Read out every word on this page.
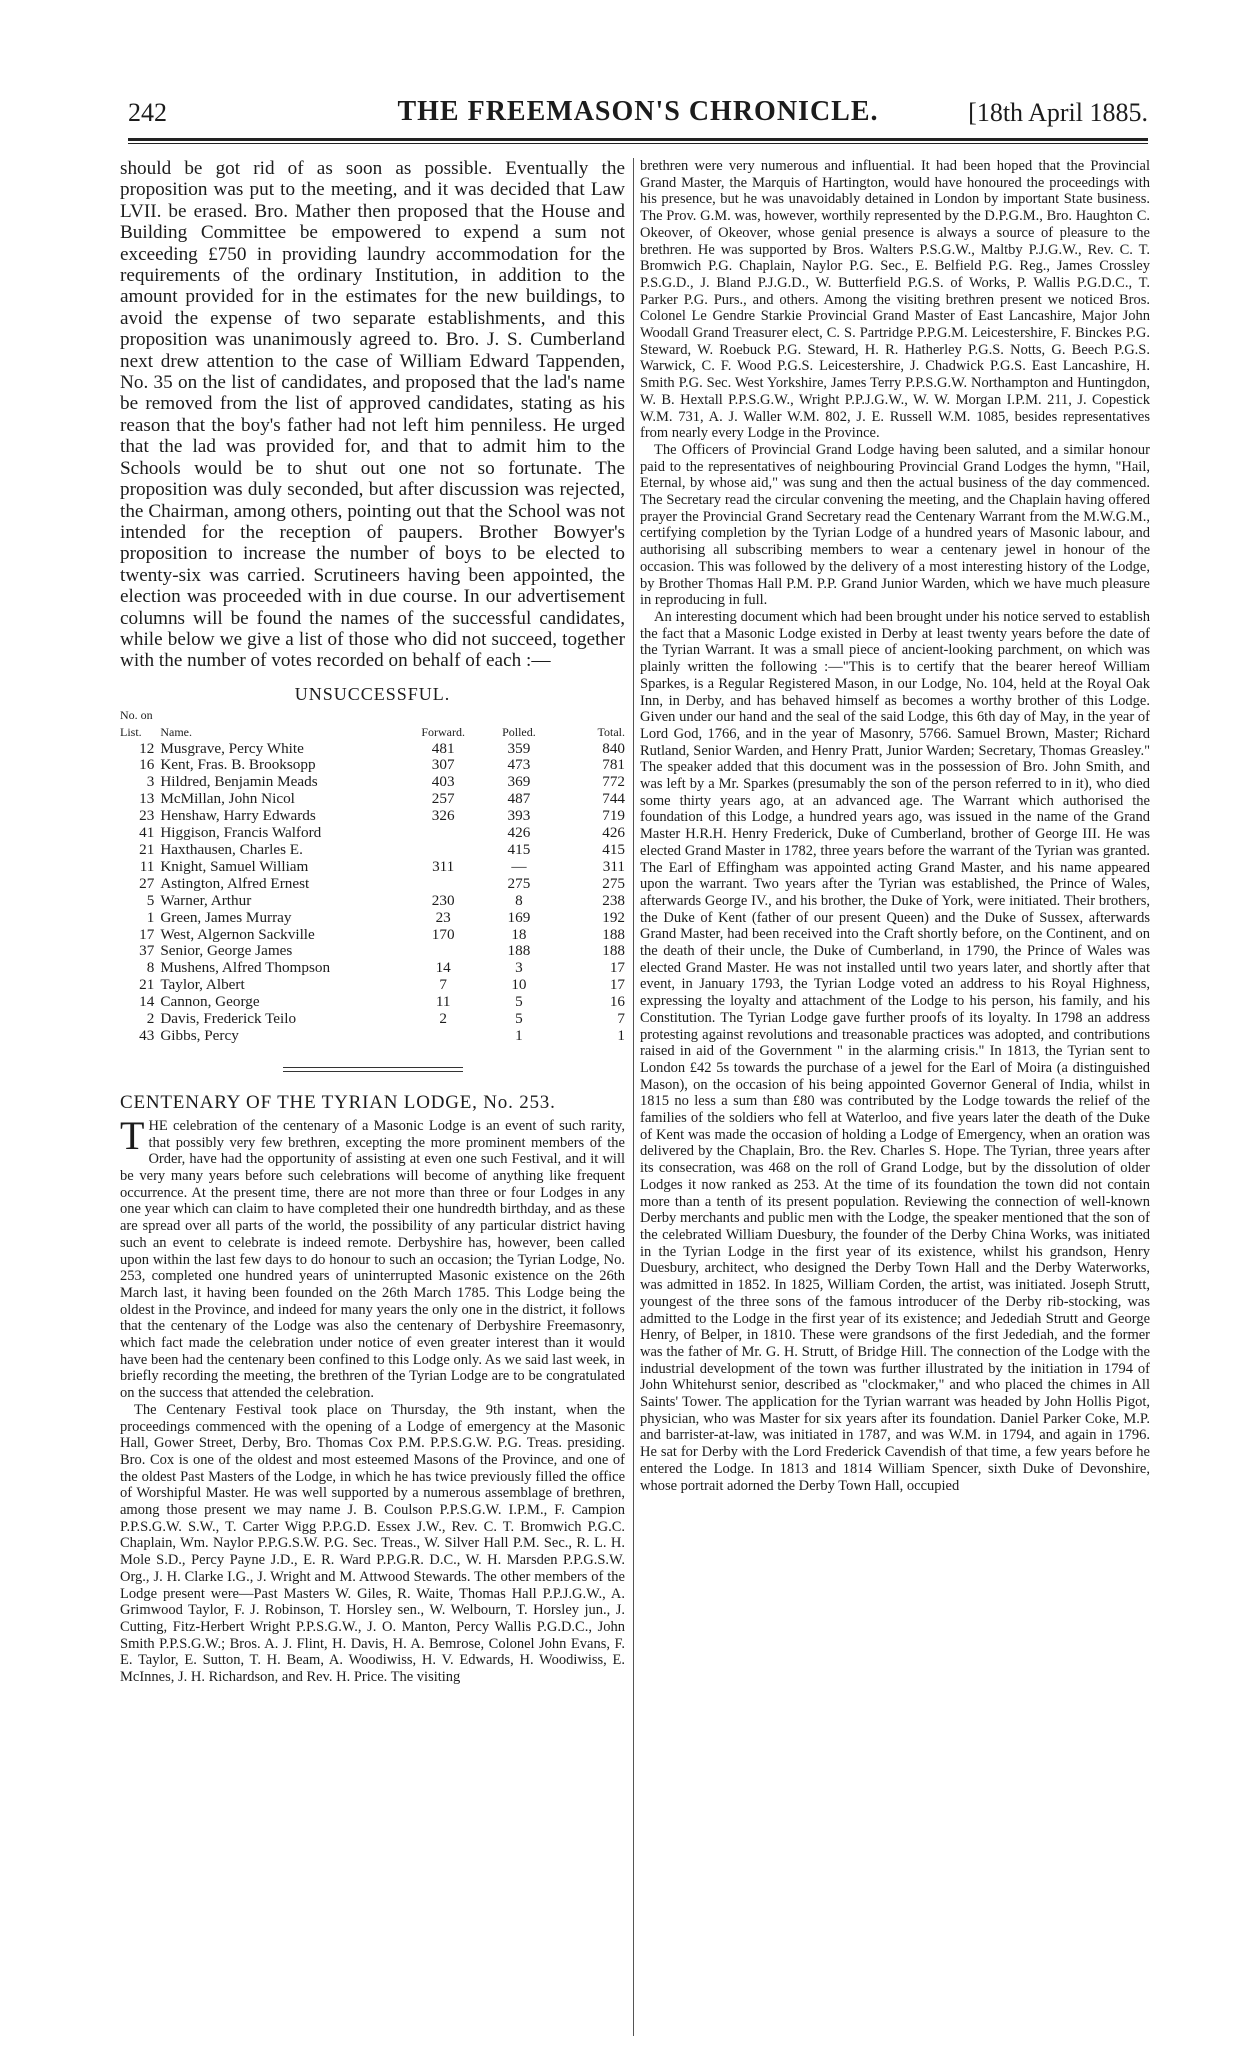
242	THE FREEMASON'S CHRONICLE.	[18th April 1885.

should be got rid of as soon as possible. Eventually the proposition was put to the meeting, and it was decided that Law LVII. be erased. Bro. Mather then proposed that the House and Building Committee be empowered to expend a sum not exceeding £750 in providing laundry accommodation for the requirements of the ordinary Institution, in addition to the amount provided for in the estimates for the new buildings, to avoid the expense of two separate establishments, and this proposition was unanimously agreed to. Bro. J. S. Cumberland next drew attention to the case of William Edward Tappenden, No. 35 on the list of candidates, and proposed that the lad's name be removed from the list of approved candidates, stating as his reason that the boy's father had not left him penniless. He urged that the lad was provided for, and that to admit him to the Schools would be to shut out one not so fortunate. The proposition was duly seconded, but after discussion was rejected, the Chairman, among others, pointing out that the School was not intended for the reception of paupers. Brother Bowyer's proposition to increase the number of boys to be elected to twenty-six was carried. Scrutineers having been appointed, the election was proceeded with in due course. In our advertisement columns will be found the names of the successful candidates, while below we give a list of those who did not succeed, together with the number of votes recorded on behalf of each :—

UNSUCCESSFUL.
No. on List.	Name.	Forward.	Polled.	Total.
12	Musgrave, Percy White	481	359	840
16	Kent, Fras. B. Brooksopp	307	473	781
3	Hildred, Benjamin Meads	403	369	772
13	McMillan, John Nicol	257	487	744
23	Henshaw, Harry Edwards	326	393	719
41	Higgison, Francis Walford		426	426
21	Haxthausen, Charles E.		415	415
11	Knight, Samuel William	311	—	311
27	Astington, Alfred Ernest		275	275
5	Warner, Arthur	230	8	238
1	Green, James Murray	23	169	192
17	West, Algernon Sackville	170	18	188
37	Senior, George James		188	188
8	Mushens, Alfred Thompson	14	3	17
21	Taylor, Albert	7	10	17
14	Cannon, George	11	5	16
2	Davis, Frederick Teilo	2	5	7
43	Gibbs, Percy		1	1
CENTENARY OF THE TYRIAN LODGE, No. 253.

THE celebration of the centenary of a Masonic Lodge is an event of such rarity, that possibly very few brethren, excepting the more prominent members of the Order, have had the opportunity of assisting at even one such Festival, and it will be very many years before such celebrations will become of anything like frequent occurrence. At the present time, there are not more than three or four Lodges in any one year which can claim to have completed their one hundredth birthday, and as these are spread over all parts of the world, the possibility of any particular district having such an event to celebrate is indeed remote. Derbyshire has, however, been called upon within the last few days to do honour to such an occasion; the Tyrian Lodge, No. 253, completed one hundred years of uninterrupted Masonic existence on the 26th March last, it having been founded on the 26th March 1785. This Lodge being the oldest in the Province, and indeed for many years the only one in the district, it follows that the centenary of the Lodge was also the centenary of Derbyshire Freemasonry, which fact made the celebration under notice of even greater interest than it would have been had the centenary been confined to this Lodge only. As we said last week, in briefly recording the meeting, the brethren of the Tyrian Lodge are to be congratulated on the success that attended the celebration.

The Centenary Festival took place on Thursday, the 9th instant, when the proceedings commenced with the opening of a Lodge of emergency at the Masonic Hall, Gower Street, Derby, Bro. Thomas Cox P.M. P.P.S.G.W. P.G. Treas. presiding. Bro. Cox is one of the oldest and most esteemed Masons of the Province, and one of the oldest Past Masters of the Lodge, in which he has twice previously filled the office of Worshipful Master. He was well supported by a numerous assemblage of brethren, among those present we may name J. B. Coulson P.P.S.G.W. I.P.M., F. Campion P.P.S.G.W. S.W., T. Carter Wigg P.P.G.D. Essex J.W., Rev. C. T. Bromwich P.G.C. Chaplain, Wm. Naylor P.P.G.S.W. P.G. Sec. Treas., W. Silver Hall P.M. Sec., R. L. H. Mole S.D., Percy Payne J.D., E. R. Ward P.P.G.R. D.C., W. H. Marsden P.P.G.S.W. Org., J. H. Clarke I.G., J. Wright and M. Attwood Stewards. The other members of the Lodge present were—Past Masters W. Giles, R. Waite, Thomas Hall P.P.J.G.W., A. Grimwood Taylor, F. J. Robinson, T. Horsley sen., W. Welbourn, T. Horsley jun., J. Cutting, Fitz-Herbert Wright P.P.S.G.W., J. O. Manton, Percy Wallis P.G.D.C., John Smith P.P.S.G.W.; Bros. A. J. Flint, H. Davis, H. A. Bemrose, Colonel John Evans, F. E. Taylor, E. Sutton, T. H. Beam, A. Woodiwiss, H. V. Edwards, H. Woodiwiss, E. McInnes, J. H. Richardson, and Rev. H. Price. The visiting

brethren were very numerous and influential. It had been hoped that the Provincial Grand Master, the Marquis of Hartington, would have honoured the proceedings with his presence, but he was unavoidably detained in London by important State business. The Prov. G.M. was, however, worthily represented by the D.P.G.M., Bro. Haughton C. Okeover, of Okeover, whose genial presence is always a source of pleasure to the brethren. He was supported by Bros. Walters P.S.G.W., Maltby P.J.G.W., Rev. C. T. Bromwich P.G. Chaplain, Naylor P.G. Sec., E. Belfield P.G. Reg., James Crossley P.S.G.D., J. Bland P.J.G.D., W. Butterfield P.G.S. of Works, P. Wallis P.G.D.C., T. Parker P.G. Purs., and others. Among the visiting brethren present we noticed Bros. Colonel Le Gendre Starkie Provincial Grand Master of East Lancashire, Major John Woodall Grand Treasurer elect, C. S. Partridge P.P.G.M. Leicestershire, F. Binckes P.G. Steward, W. Roebuck P.G. Steward, H. R. Hatherley P.G.S. Notts, G. Beech P.G.S. Warwick, C. F. Wood P.G.S. Leicestershire, J. Chadwick P.G.S. East Lancashire, H. Smith P.G. Sec. West Yorkshire, James Terry P.P.S.G.W. Northampton and Huntingdon, W. B. Hextall P.P.S.G.W., Wright P.P.J.G.W., W. W. Morgan I.P.M. 211, J. Copestick W.M. 731, A. J. Waller W.M. 802, J. E. Russell W.M. 1085, besides representatives from nearly every Lodge in the Province.

The Officers of Provincial Grand Lodge having been saluted, and a similar honour paid to the representatives of neighbouring Provincial Grand Lodges the hymn, "Hail, Eternal, by whose aid," was sung and then the actual business of the day commenced. The Secretary read the circular convening the meeting, and the Chaplain having offered prayer the Provincial Grand Secretary read the Centenary Warrant from the M.W.G.M., certifying completion by the Tyrian Lodge of a hundred years of Masonic labour, and authorising all subscribing members to wear a centenary jewel in honour of the occasion. This was followed by the delivery of a most interesting history of the Lodge, by Brother Thomas Hall P.M. P.P. Grand Junior Warden, which we have much pleasure in reproducing in full.

An interesting document which had been brought under his notice served to establish the fact that a Masonic Lodge existed in Derby at least twenty years before the date of the Tyrian Warrant. It was a small piece of ancient-looking parchment, on which was plainly written the following :—"This is to certify that the bearer hereof William Sparkes, is a Regular Registered Mason, in our Lodge, No. 104, held at the Royal Oak Inn, in Derby, and has behaved himself as becomes a worthy brother of this Lodge. Given under our hand and the seal of the said Lodge, this 6th day of May, in the year of Lord God, 1766, and in the year of Masonry, 5766. Samuel Brown, Master; Richard Rutland, Senior Warden, and Henry Pratt, Junior Warden; Secretary, Thomas Greasley." The speaker added that this document was in the possession of Bro. John Smith, and was left by a Mr. Sparkes (presumably the son of the person referred to in it), who died some thirty years ago, at an advanced age. The Warrant which authorised the foundation of this Lodge, a hundred years ago, was issued in the name of the Grand Master H.R.H. Henry Frederick, Duke of Cumberland, brother of George III. He was elected Grand Master in 1782, three years before the warrant of the Tyrian was granted. The Earl of Effingham was appointed acting Grand Master, and his name appeared upon the warrant. Two years after the Tyrian was established, the Prince of Wales, afterwards George IV., and his brother, the Duke of York, were initiated. Their brothers, the Duke of Kent (father of our present Queen) and the Duke of Sussex, afterwards Grand Master, had been received into the Craft shortly before, on the Continent, and on the death of their uncle, the Duke of Cumberland, in 1790, the Prince of Wales was elected Grand Master. He was not installed until two years later, and shortly after that event, in January 1793, the Tyrian Lodge voted an address to his Royal Highness, expressing the loyalty and attachment of the Lodge to his person, his family, and his Constitution. The Tyrian Lodge gave further proofs of its loyalty. In 1798 an address protesting against revolutions and treasonable practices was adopted, and contributions raised in aid of the Government " in the alarming crisis." In 1813, the Tyrian sent to London £42 5s towards the purchase of a jewel for the Earl of Moira (a distinguished Mason), on the occasion of his being appointed Governor General of India, whilst in 1815 no less a sum than £80 was contributed by the Lodge towards the relief of the families of the soldiers who fell at Waterloo, and five years later the death of the Duke of Kent was made the occasion of holding a Lodge of Emergency, when an oration was delivered by the Chaplain, Bro. the Rev. Charles S. Hope. The Tyrian, three years after its consecration, was 468 on the roll of Grand Lodge, but by the dissolution of older Lodges it now ranked as 253. At the time of its foundation the town did not contain more than a tenth of its present population. Reviewing the connection of well-known Derby merchants and public men with the Lodge, the speaker mentioned that the son of the celebrated William Duesbury, the founder of the Derby China Works, was initiated in the Tyrian Lodge in the first year of its existence, whilst his grandson, Henry Duesbury, architect, who designed the Derby Town Hall and the Derby Waterworks, was admitted in 1852. In 1825, William Corden, the artist, was initiated. Joseph Strutt, youngest of the three sons of the famous introducer of the Derby rib-stocking, was admitted to the Lodge in the first year of its existence; and Jedediah Strutt and George Henry, of Belper, in 1810. These were grandsons of the first Jedediah, and the former was the father of Mr. G. H. Strutt, of Bridge Hill. The connection of the Lodge with the industrial development of the town was further illustrated by the initiation in 1794 of John Whitehurst senior, described as "clockmaker," and who placed the chimes in All Saints' Tower. The application for the Tyrian warrant was headed by John Hollis Pigot, physician, who was Master for six years after its foundation. Daniel Parker Coke, M.P. and barrister-at-law, was initiated in 1787, and was W.M. in 1794, and again in 1796. He sat for Derby with the Lord Frederick Cavendish of that time, a few years before he entered the Lodge. In 1813 and 1814 William Spencer, sixth Duke of Devonshire, whose portrait adorned the Derby Town Hall, occupied
